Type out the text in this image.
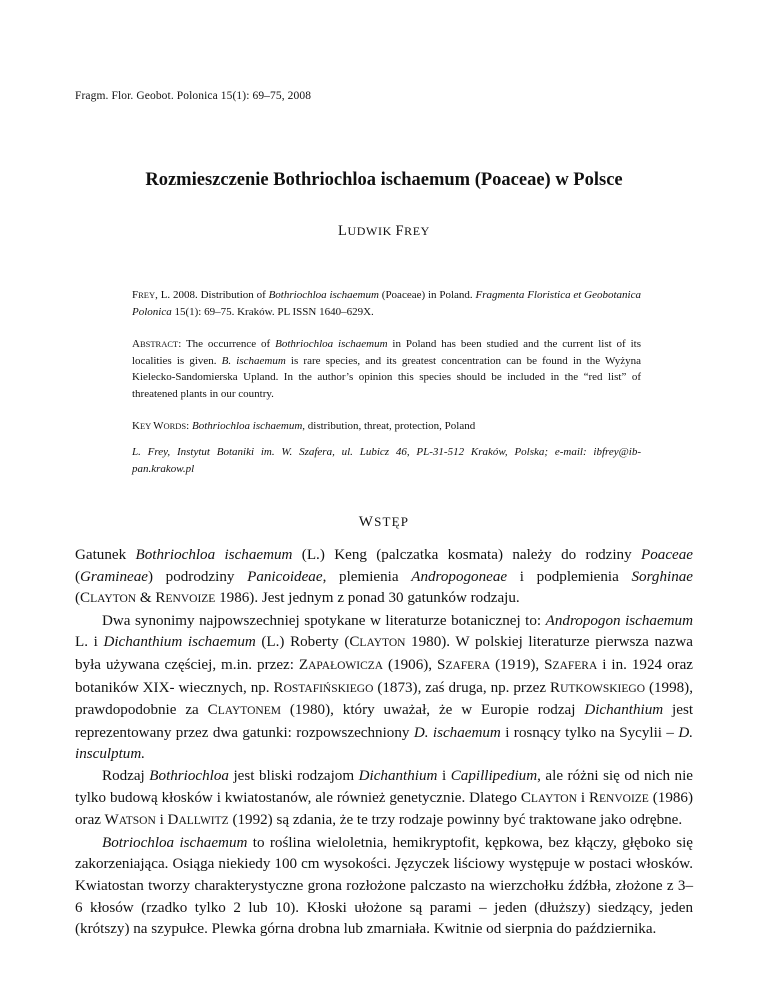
Fragm. Flor. Geobot. Polonica 15(1): 69–75, 2008
Rozmieszczenie Bothriochloa ischaemum (Poaceae) w Polsce
LUDWIK FREY

FREY, L. 2008. Distribution of Bothriochloa ischaemum (Poaceae) in Poland. Fragmenta Floristica et Geobotanica Polonica 15(1): 69–75. Kraków. PL ISSN 1640–629X.

ABSTRACT: The occurrence of Bothriochloa ischaemum in Poland has been studied and the current list of its localities is given. B. ischaemum is rare species, and its greatest concentration can be found in the Wyżyna Kielecko-Sandomierska Upland. In the author’s opinion this species should be included in the “red list” of threatened plants in our country.

KEY WORDS: Bothriochloa ischaemum, distribution, threat, protection, Poland

L. Frey, Instytut Botaniki im. W. Szafera, ul. Lubicz 46, PL-31-512 Kraków, Polska; e-mail: ibfrey@ib-pan.krakow.pl
WSTĘP

Gatunek Bothriochloa ischaemum (L.) Keng (palczatka kosmata) należy do rodziny Poaceae (Gramineae) podrodziny Panicoideae, plemienia Andropogoneae i podplemienia Sorghinae (CLAYTON & RENVOIZE 1986). Jest jednym z ponad 30 gatunków rodzaju.

Dwa synonimy najpowszechniej spotykane w literaturze botanicznej to: Andropogon ischaemum L. i Dichanthium ischaemum (L.) Roberty (CLAYTON 1980). W polskiej literaturze pierwsza nazwa była używana częściej, m.in. przez: ZAPAŁOWICZA (1906), SZAFERA (1919), SZAFERA i in. 1924 oraz botaników XIX- wiecznych, np. ROSTAFIŃSKIEGO (1873), zaś druga, np. przez RUTKOWSKIEGO (1998), prawdopodobnie za CLAYTONEM (1980), który uważał, że w Europie rodzaj Dichanthium jest reprezentowany przez dwa gatunki: rozpowszechniony D. ischaemum i rosnący tylko na Sycylii – D. insculptum.

Rodzaj Bothriochloa jest bliski rodzajom Dichanthium i Capillipedium, ale różni się od nich nie tylko budową kłosków i kwiatostanów, ale również genetycznie. Dlatego CLAYTON i RENVOIZE (1986) oraz WATSON i DALLWITZ (1992) są zdania, że te trzy rodzaje powinny być traktowane jako odrębne.

Botriochloa ischaemum to roślina wieloletnia, hemikryptofit, kępkowa, bez kłączy, głęboko się zakorzeniająca. Osiąga niekiedy 100 cm wysokości. Języczek liściowy występuje w postaci włosków. Kwiatostan tworzy charakterystyczne grona rozłożone palczasto na wierzchołku źdźbła, złożone z 3–6 kłosów (rzadko tylko 2 lub 10). Kłoski ułożone są parami – jeden (dłuższy) siedzący, jeden (krótszy) na szypułce. Plewka górna drobna lub zmarniała. Kwitnie od sierpnia do października.
